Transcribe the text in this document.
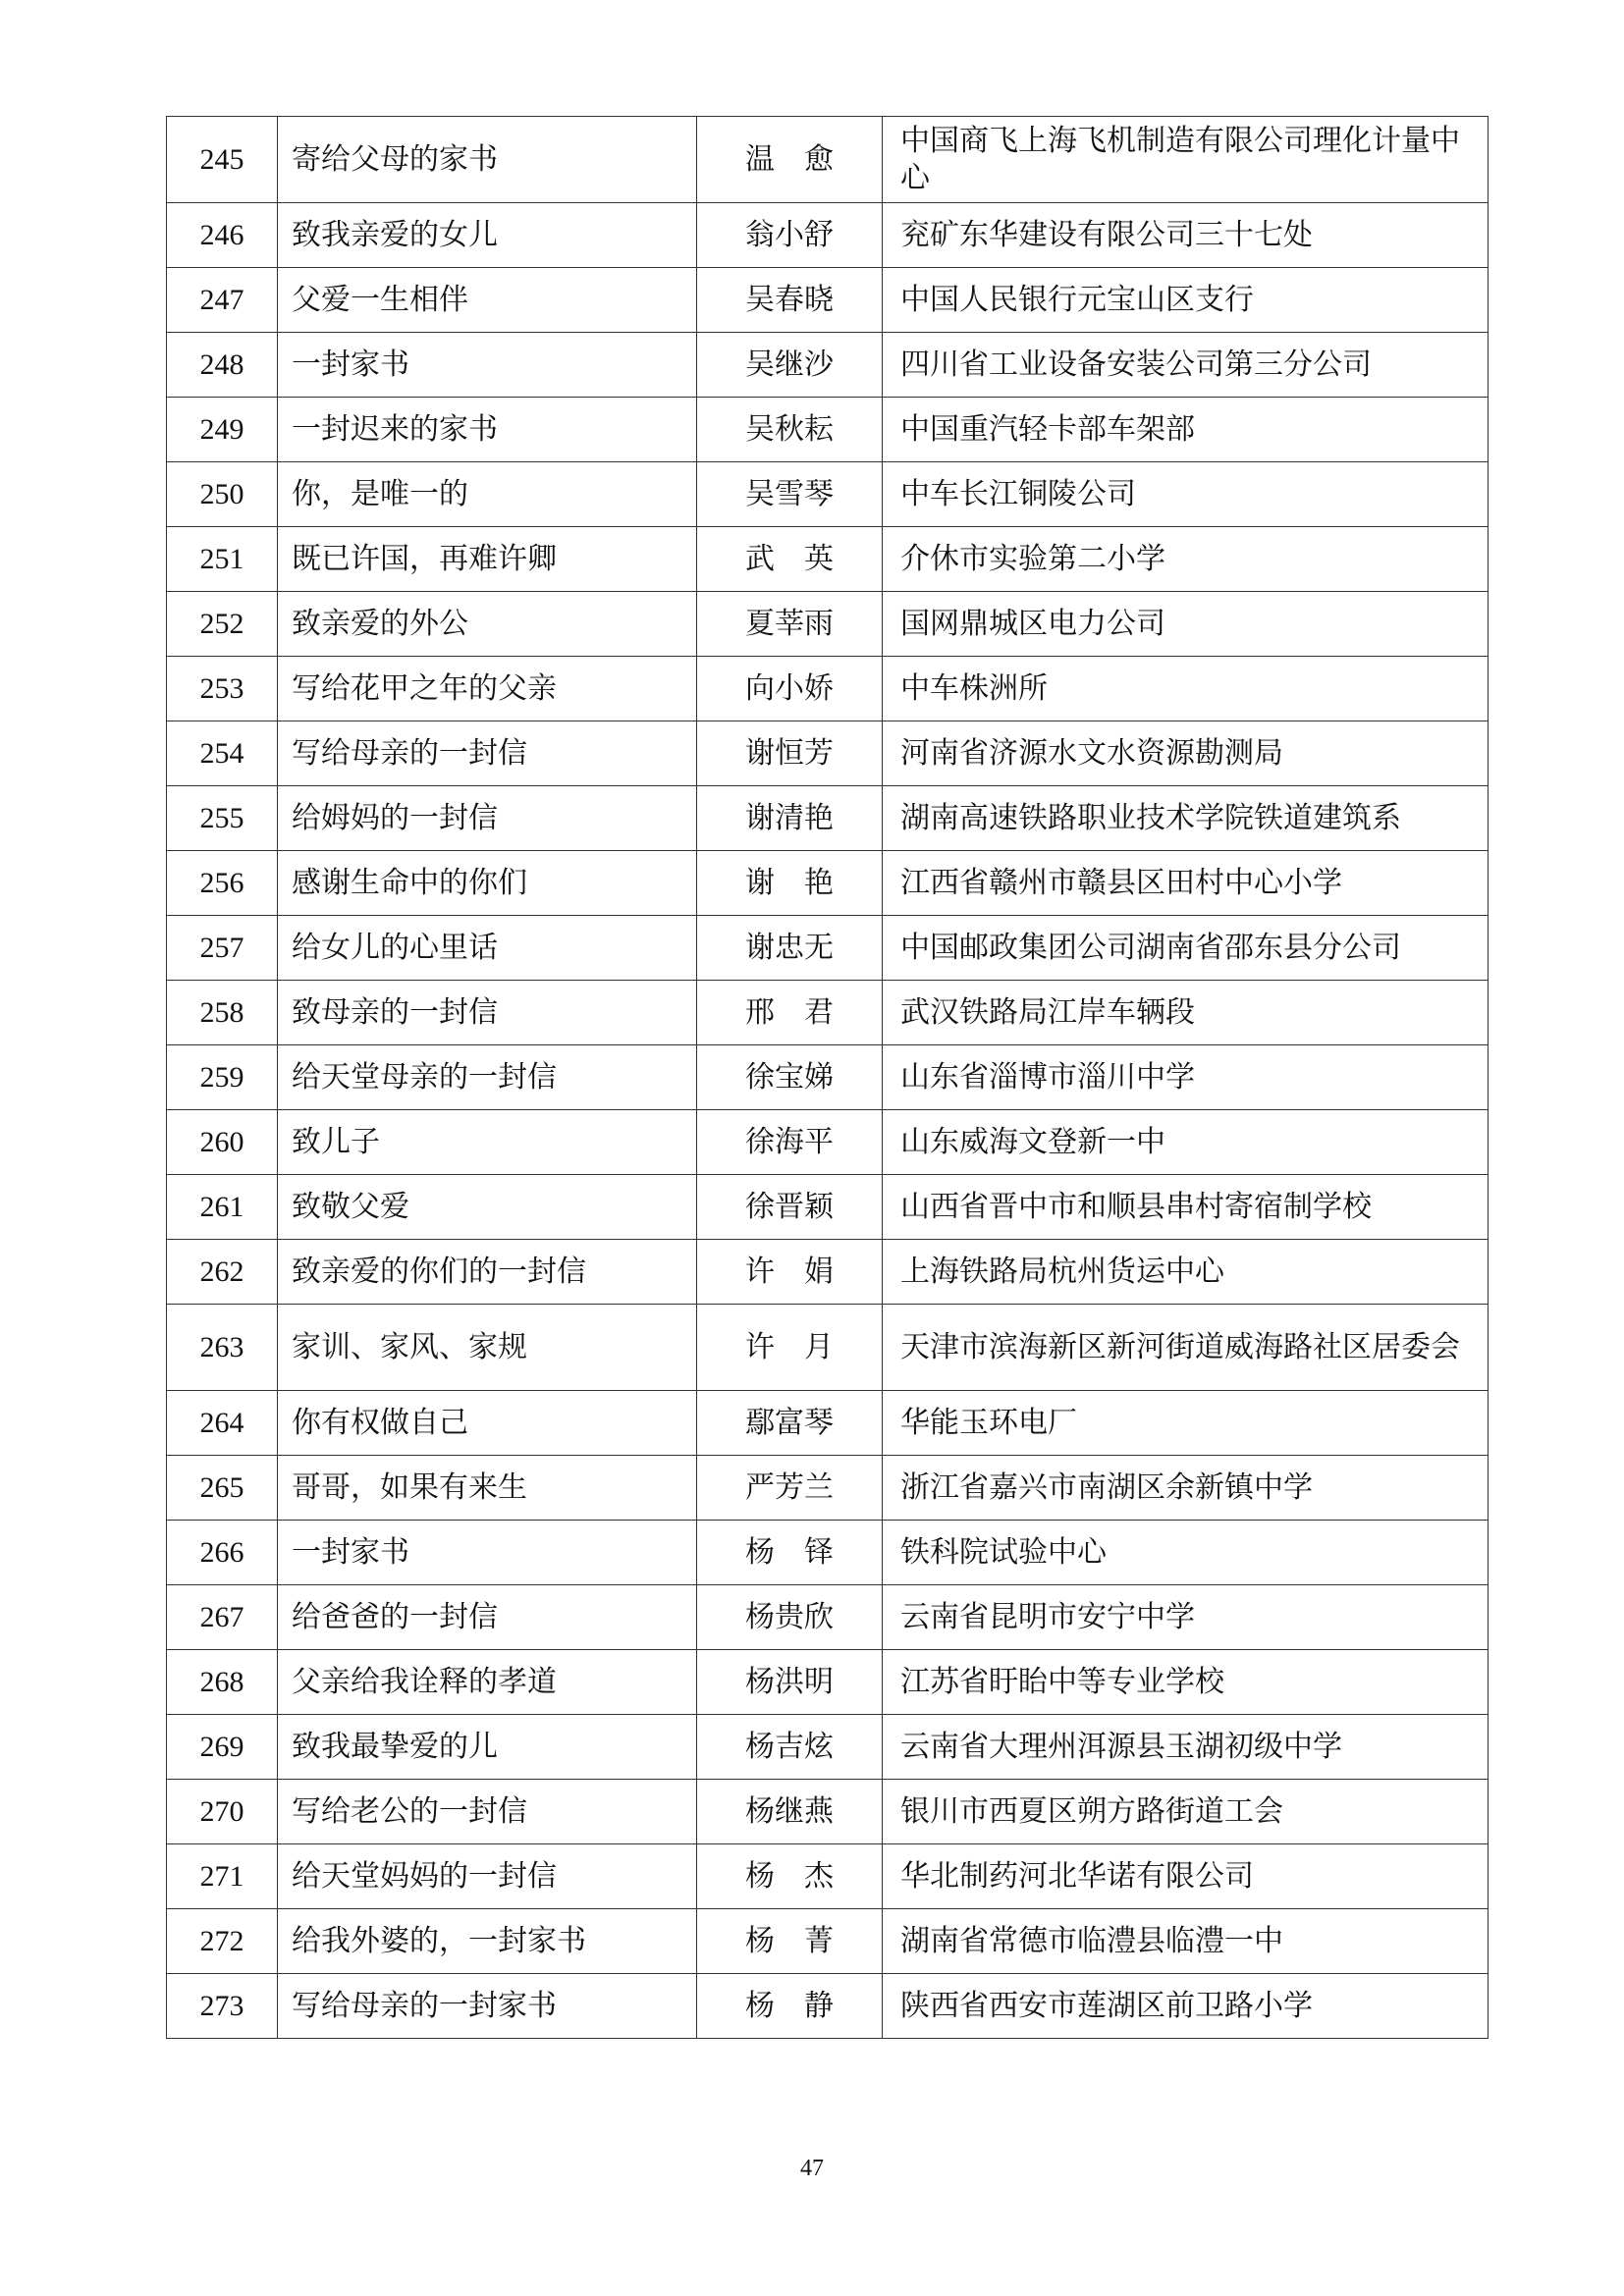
245	寄给父母的家书	温　愈	中国商飞上海飞机制造有限公司理化计量中心
246	致我亲爱的女儿	翁小舒	兖矿东华建设有限公司三十七处
247	父爱一生相伴	吴春晓	中国人民银行元宝山区支行
248	一封家书	吴继沙	四川省工业设备安装公司第三分公司
249	一封迟来的家书	吴秋耘	中国重汽轻卡部车架部
250	你，是唯一的	吴雪琴	中车长江铜陵公司
251	既已许国，再难许卿	武　英	介休市实验第二小学
252	致亲爱的外公	夏莘雨	国网鼎城区电力公司
253	写给花甲之年的父亲	向小娇	中车株洲所
254	写给母亲的一封信	谢恒芳	河南省济源水文水资源勘测局
255	给姆妈的一封信	谢清艳	湖南高速铁路职业技术学院铁道建筑系
256	感谢生命中的你们	谢　艳	江西省赣州市赣县区田村中心小学
257	给女儿的心里话	谢忠无	中国邮政集团公司湖南省邵东县分公司
258	致母亲的一封信	邢　君	武汉铁路局江岸车辆段
259	给天堂母亲的一封信	徐宝娣	山东省淄博市淄川中学
260	致儿子	徐海平	山东威海文登新一中
261	致敬父爱	徐晋颖	山西省晋中市和顺县串村寄宿制学校
262	致亲爱的你们的一封信	许　娟	上海铁路局杭州货运中心
263	家训、家风、家规	许　月	天津市滨海新区新河街道威海路社区居委会
264	你有权做自己	鄢富琴	华能玉环电厂
265	哥哥，如果有来生	严芳兰	浙江省嘉兴市南湖区余新镇中学
266	一封家书	杨　铎	铁科院试验中心
267	给爸爸的一封信	杨贵欣	云南省昆明市安宁中学
268	父亲给我诠释的孝道	杨洪明	江苏省盱眙中等专业学校
269	致我最挚爱的儿	杨吉炫	云南省大理州洱源县玉湖初级中学
270	写给老公的一封信	杨继燕	银川市西夏区朔方路街道工会
271	给天堂妈妈的一封信	杨　杰	华北制药河北华诺有限公司
272	给我外婆的，一封家书	杨　菁	湖南省常德市临澧县临澧一中
273	写给母亲的一封家书	杨　静	陕西省西安市莲湖区前卫路小学
47
